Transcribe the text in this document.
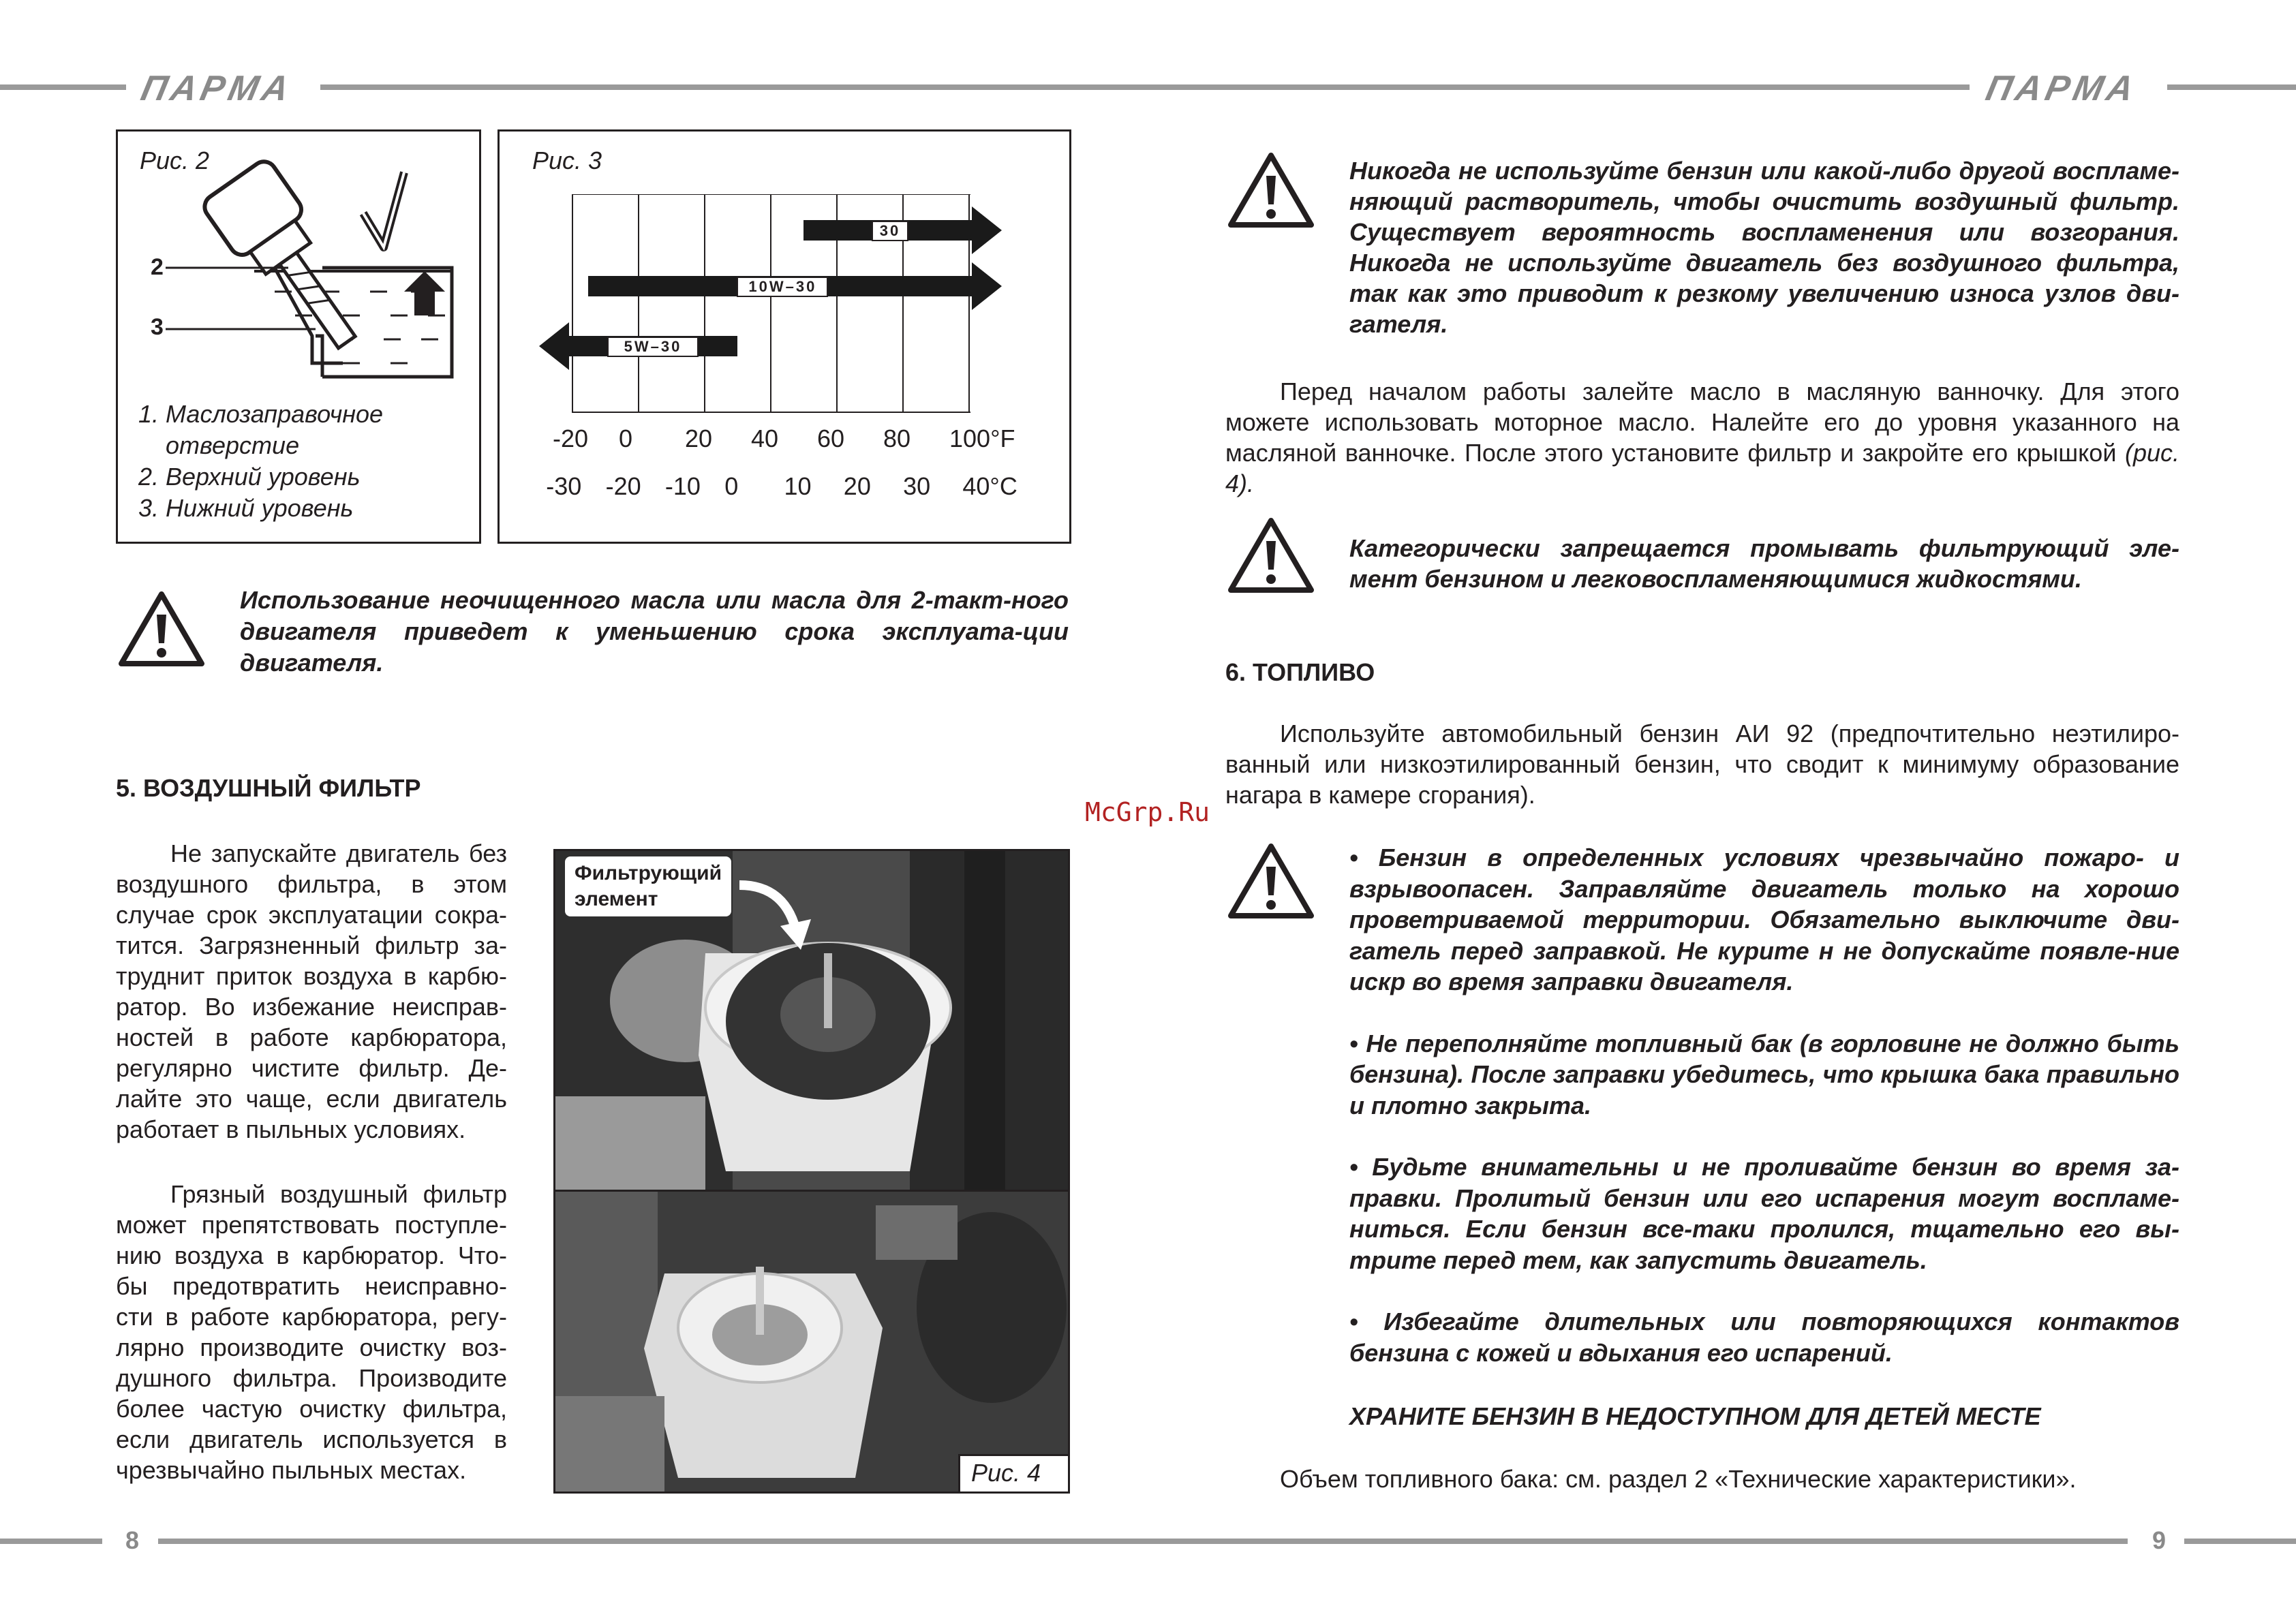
ПАРМА	ПАРМА
Рис. 2
2
3
1. Маслозаправочное
отверстие
2. Верхний уровень
3. Нижний уровень
Рис. 3
30
10W–30
5W–30
-20 0 20 40 60 80 100°F
-30 -20 -10 0 10 20 30 40°C
Использование неочищенного масла или масла для 2-такт-ного двигателя приведет к уменьшению срока эксплуата-ции двигателя.
5. ВОЗДУШНЫЙ ФИЛЬТР
Не запускайте двигатель без воздушного фильтра, в этом случае срок эксплуатации сокра-тится. Загрязненный фильтр за-труднит приток воздуха в карбю-ратор. Во избежание неисправ-ностей в работе карбюратора, регулярно чистите фильтр. Де-лайте это чаще, если двигатель работает в пыльных условиях.
Грязный воздушный фильтр может препятствовать поступле-нию воздуха в карбюратор. Что-бы предотвратить неисправно-сти в работе карбюратора, регу-лярно производите очистку воз-душного фильтра. Производите более частую очистку фильтра, если двигатель используется в чрезвычайно пыльных местах.
Фильтрующий
элемент
Рис. 4
Никогда не используйте бензин или какой-либо другой воспламе-няющий растворитель, чтобы очистить воздушный фильтр. Существует вероятность воспламенения или возгорания. Никогда не используйте двигатель без воздушного фильтра, так как это приводит к резкому увеличению износа узлов дви-гателя.
Перед началом работы залейте масло в масляную ванночку. Для этого можете использовать моторное масло. Налейте его до уровня указанного на масляной ванночке. После этого установите фильтр и закройте его крышкой (рис. 4).
Категорически запрещается промывать фильтрующий эле-мент бензином и легковоспламеняющимися жидкостями.
6. ТОПЛИВО
Используйте автомобильный бензин АИ 92 (предпочтительно неэтилиро-ванный или низкоэтилированный бензин, что сводит к минимуму образование нагара в камере сгорания).
McGrp.Ru
• Бензин в определенных условиях чрезвычайно пожаро- и взрывоопасен. Заправляйте двигатель только на хорошо проветриваемой территории. Обязательно выключите дви-гатель перед заправкой. Не курите н не допускайте появле-ние искр во время заправки двигателя.
• Не переполняйте топливный бак (в горловине не должно быть бензина). После заправки убедитесь, что крышка бака правильно и плотно закрыта.
• Будьте внимательны и не проливайте бензин во время за-правки. Пролитый бензин или его испарения могут воспламе-ниться. Если бензин все-таки пролился, тщательно его вы-трите перед тем, как запустить двигатель.
• Избегайте длительных или повторяющихся контактов бензина с кожей и вдыхания его испарений.
ХРАНИТЕ БЕНЗИН В НЕДОСТУПНОМ ДЛЯ ДЕТЕЙ МЕСТЕ
Объем топливного бака: см. раздел 2 «Технические характеристики».
8	9
